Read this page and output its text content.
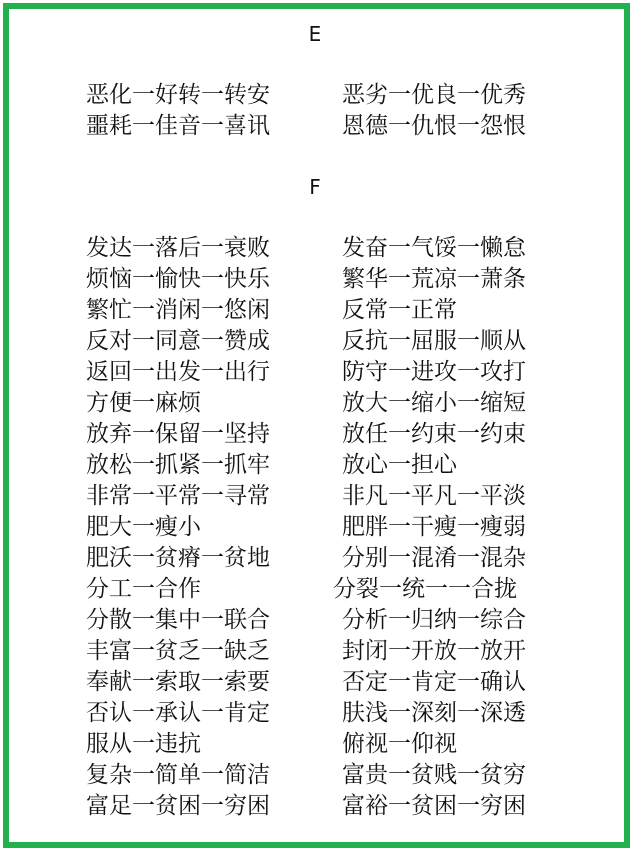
E
恶化一好转一转安	恶劣一优良一优秀
噩耗一佳音一喜讯	恩德一仇恨一怨恨
F
发达一落后一衰败	发奋一气馁一懒怠
烦恼一愉快一快乐	繁华一荒凉一萧条
繁忙一消闲一悠闲	反常一正常
反对一同意一赞成	反抗一屈服一顺从
返回一出发一出行	防守一进攻一攻打
方便一麻烦	放大一缩小一缩短
放弃一保留一坚持	放任一约束一约束
放松一抓紧一抓牢	放心一担心
非常一平常一寻常	非凡一平凡一平淡
肥大一瘦小	肥胖一干瘦一瘦弱
肥沃一贫瘠一贫地	分别一混淆一混杂
分工一合作	分裂一统一一合拢
分散一集中一联合	分析一归纳一综合
丰富一贫乏一缺乏	封闭一开放一放开
奉献一索取一索要	否定一肯定一确认
否认一承认一肯定	肤浅一深刻一深透
服从一违抗	俯视一仰视
复杂一简单一简洁	富贵一贫贱一贫穷
富足一贫困一穷困	富裕一贫困一穷困
